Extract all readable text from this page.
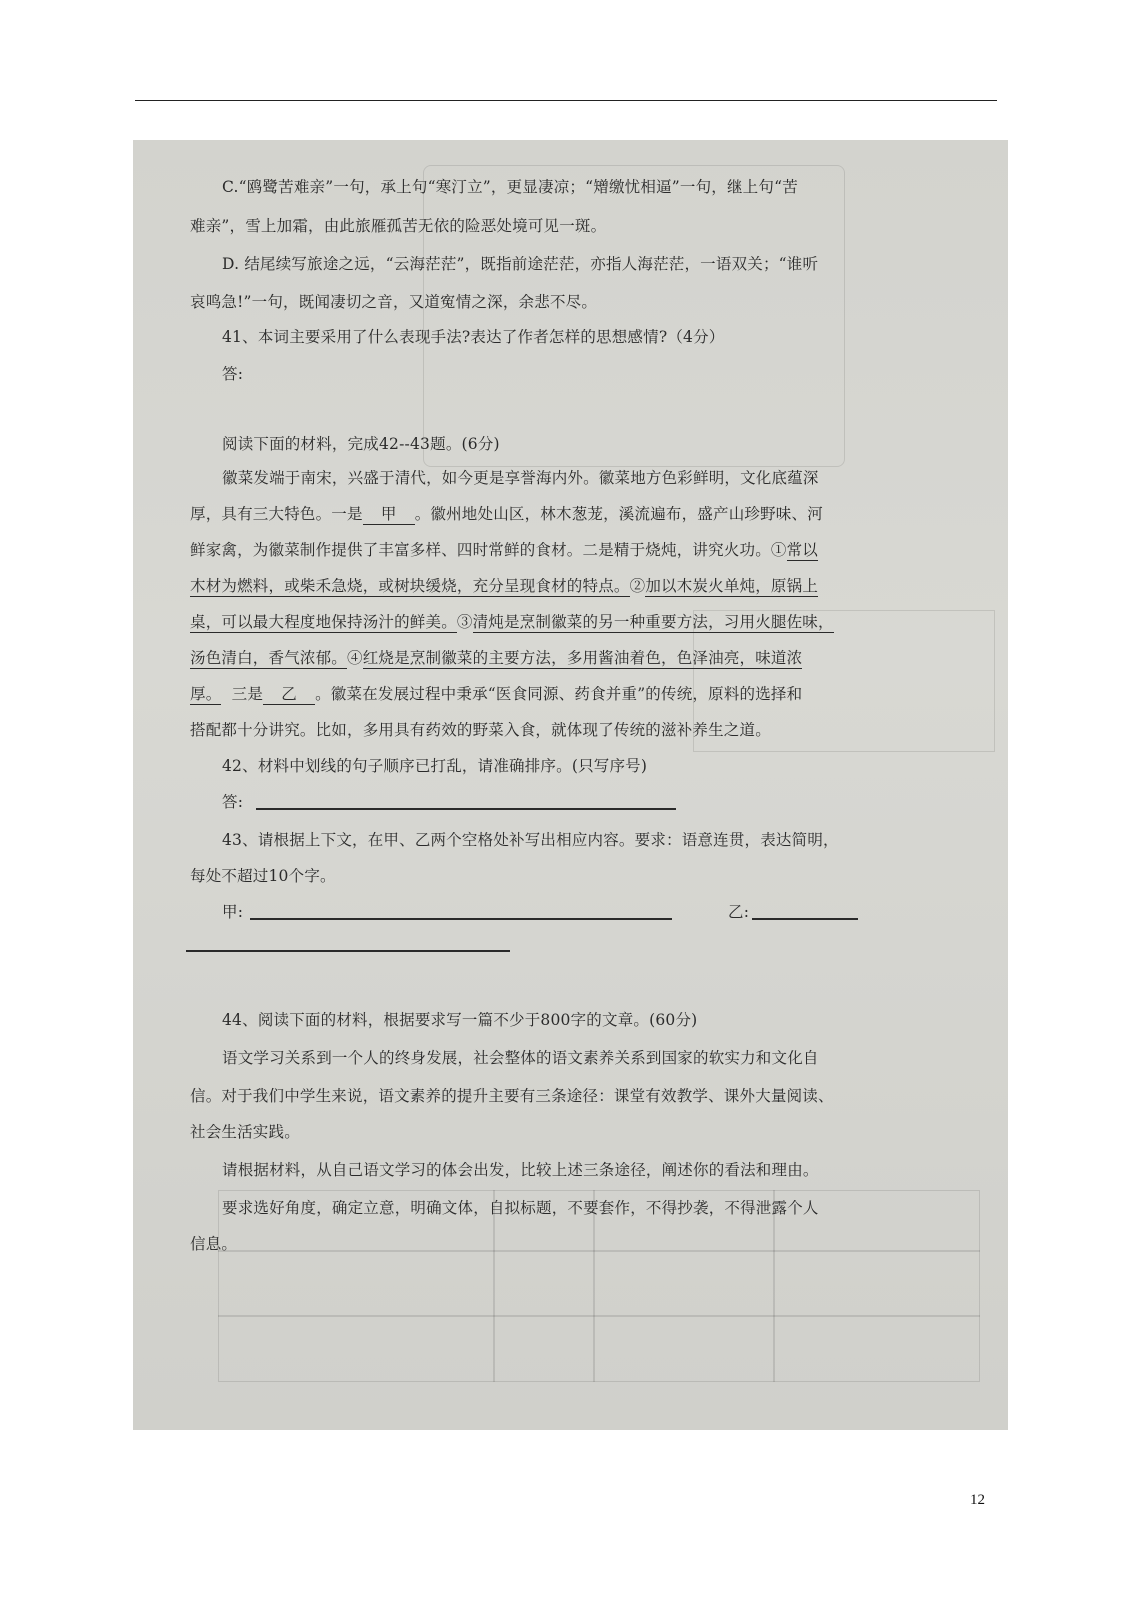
C.“鸥鹭苦难亲”一句，承上句“寒汀立”，更显凄凉；“矰缴忧相逼”一句，继上句“苦
难亲”，雪上加霜，由此旅雁孤苦无依的险恶处境可见一斑。
D. 结尾续写旅途之远，“云海茫茫”，既指前途茫茫，亦指人海茫茫，一语双关；“谁听
哀鸣急!”一句，既闻凄切之音，又道寃情之深，余悲不尽。
41、本词主要采用了什么表现手法?表达了作者怎样的思想感情?（4分）
答:
阅读下面的材料，完成42--43题。(6分)
徽菜发端于南宋，兴盛于清代，如今更是享誉海内外。徽菜地方色彩鲜明，文化底蕴深
厚，具有三大特色。一是 甲 。徽州地处山区，林木葱茏，溪流遍布，盛产山珍野味、河
鲜家禽，为徽菜制作提供了丰富多样、四时常鲜的食材。二是精于烧炖，讲究火功。①常以
木材为燃料，或柴禾急烧，或树块缓烧，充分呈现食材的特点。②加以木炭火单炖，原锅上
桌，可以最大程度地保持汤汁的鲜美。③清炖是烹制徽菜的另一种重要方法，习用火腿佐味，
汤色清白，香气浓郁。④红烧是烹制徽菜的主要方法，多用酱油着色，色泽油亮，味道浓
厚。  三是 乙 。徽菜在发展过程中秉承“医食同源、药食并重”的传统，原料的选择和
搭配都十分讲究。比如，多用具有药效的野菜入食，就体现了传统的滋补养生之道。
42、材料中划线的句子顺序已打乱，请准确排序。(只写序号)
答:
43、请根据上下文，在甲、乙两个空格处补写出相应内容。要求：语意连贯，表达简明，
每处不超过10个字。
甲:	乙:
44、阅读下面的材料，根据要求写一篇不少于800字的文章。(60分)
语文学习关系到一个人的终身发展，社会整体的语文素养关系到国家的软实力和文化自
信。对于我们中学生来说，语文素养的提升主要有三条途径：课堂有效教学、课外大量阅读、
社会生活实践。
请根据材料，从自己语文学习的体会出发，比较上述三条途径，阐述你的看法和理由。
要求选好角度，确定立意，明确文体，自拟标题，不要套作，不得抄袭，不得泄露个人
信息。
12
